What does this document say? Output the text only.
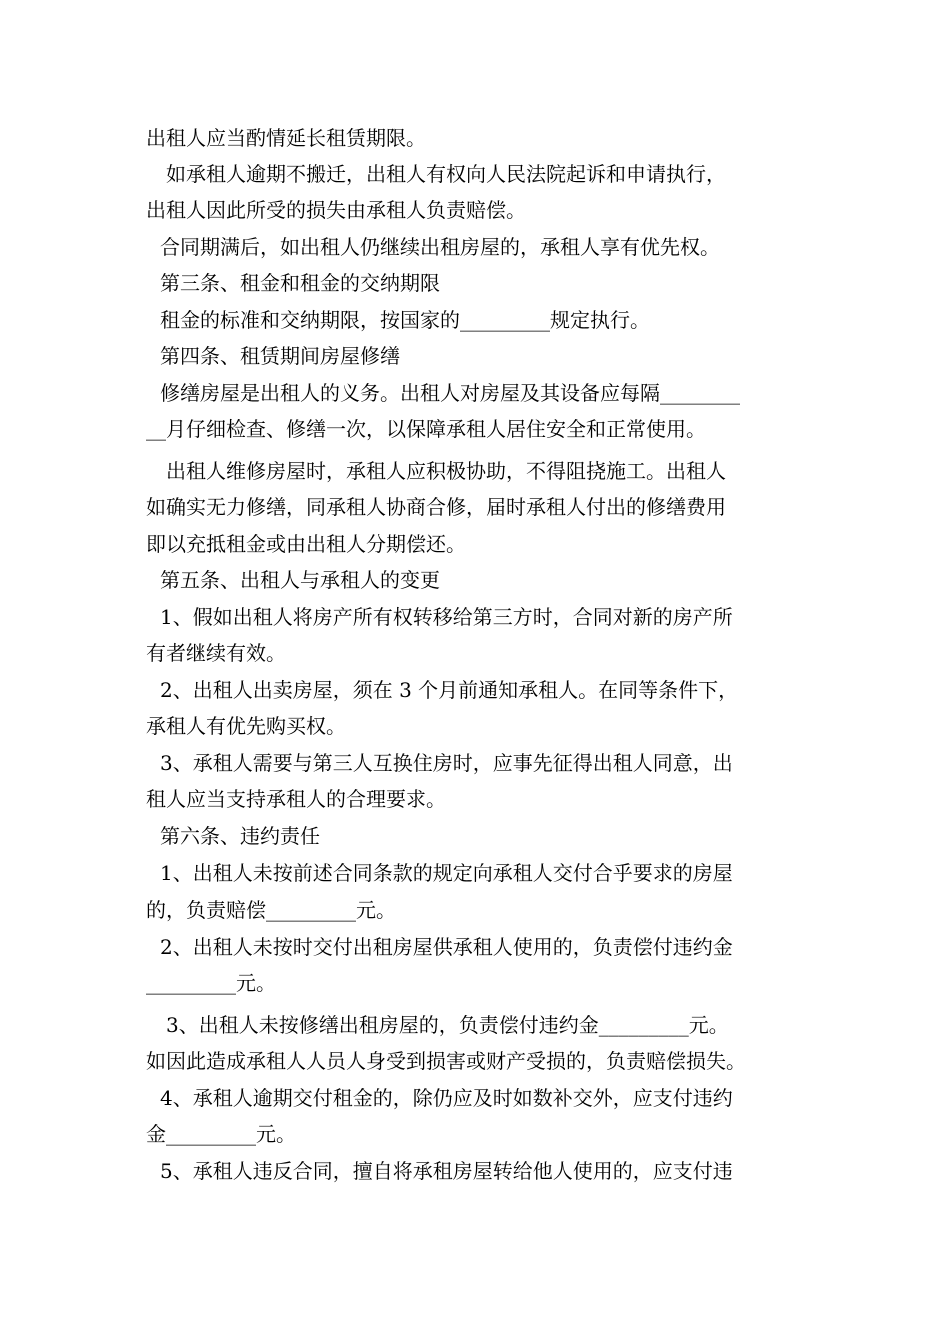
出租人应当酌情延长租赁期限。
如承租人逾期不搬迁，出租人有权向人民法院起诉和申请执行，
出租人因此所受的损失由承租人负责赔偿。
合同期满后，如出租人仍继续出租房屋的，承租人享有优先权。
第三条、租金和租金的交纳期限
租金的标准和交纳期限，按国家的_________规定执行。
第四条、租赁期间房屋修缮
修缮房屋是出租人的义务。出租人对房屋及其设备应每隔________
__月仔细检查、修缮一次，以保障承租人居住安全和正常使用。
出租人维修房屋时，承租人应积极协助，不得阻挠施工。出租人
如确实无力修缮，同承租人协商合修，届时承租人付出的修缮费用
即以充抵租金或由出租人分期偿还。
第五条、出租人与承租人的变更
1、假如出租人将房产所有权转移给第三方时，合同对新的房产所
有者继续有效。
2、出租人出卖房屋，须在 3 个月前通知承租人。在同等条件下，
承租人有优先购买权。
3、承租人需要与第三人互换住房时，应事先征得出租人同意，出
租人应当支持承租人的合理要求。
第六条、违约责任
1、出租人未按前述合同条款的规定向承租人交付合乎要求的房屋
的，负责赔偿_________元。
2、出租人未按时交付出租房屋供承租人使用的，负责偿付违约金
_________元。
3、出租人未按修缮出租房屋的，负责偿付违约金_________元。
如因此造成承租人人员人身受到损害或财产受损的，负责赔偿损失。
4、承租人逾期交付租金的，除仍应及时如数补交外，应支付违约
金_________元。
5、承租人违反合同，擅自将承租房屋转给他人使用的，应支付违
